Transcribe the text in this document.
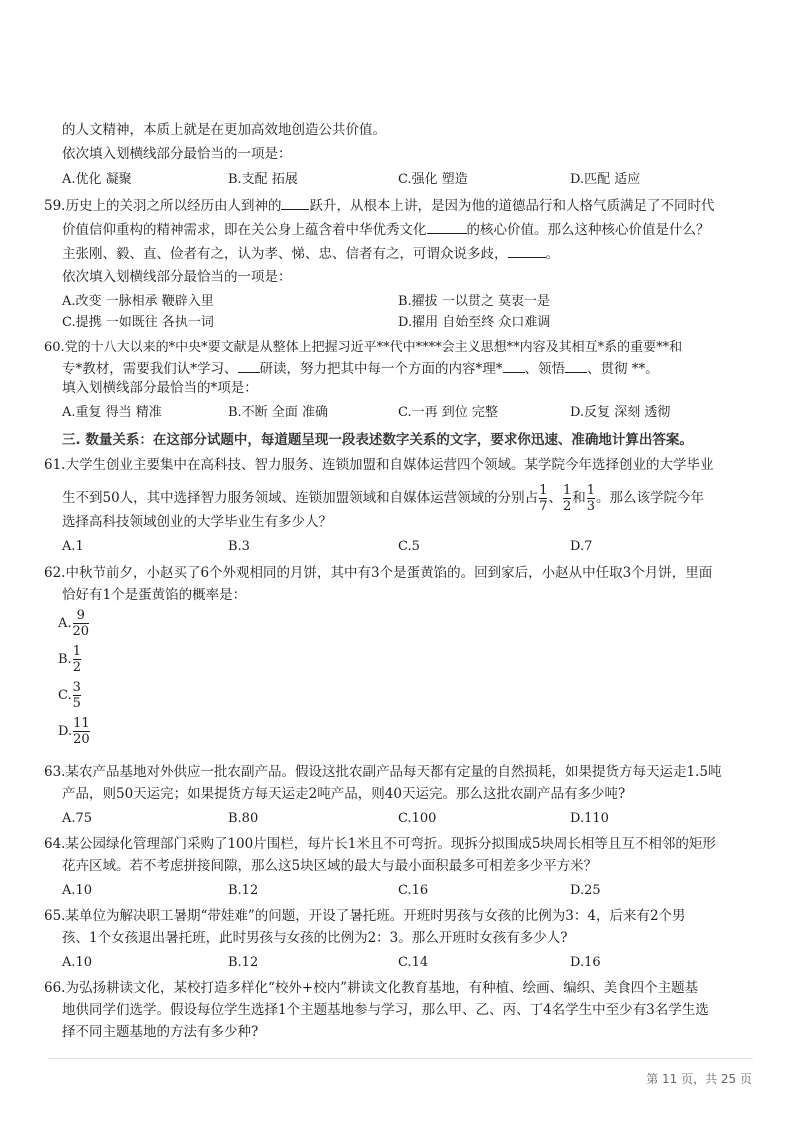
的人文精神，本质上就是在更加高效地创造公共价值。
依次填入划横线部分最恰当的一项是：
A.优化 凝聚	B.支配 拓展	C.强化 塑造	D.匹配 适应
59.历史上的关羽之所以经历由人到神的 跃升，从根本上讲，是因为他的道德品行和人格气质满足了不同时代
价值信仰重构的精神需求，即在关公身上蕴含着中华优秀文化	的核心价值。那么这种核心价值是什么？
主张刚、毅、直、俭者有之，认为孝、悌、忠、信者有之，可谓众说多歧，	。
依次填入划横线部分最恰当的一项是：
A.改变 一脉相承 鞭辟入里	B.擢拔 一以贯之 莫衷一是
C.提携 一如既往 各执一词	D.擢用 自始至终 众口难调
60.党的十八大以来的*中央*要文献是从整体上把握习近平**代中****会主义思想**内容及其相互*系的重要**和
专*教材，需要我们认*学习、 研读，努力把其中每一个方面的内容*理* 、领悟 、贯彻 **。
填入划横线部分最恰当的*项是：
A.重复 得当 精准	B.不断 全面 准确	C.一再 到位 完整	D.反复 深刻 透彻
三. 数量关系：在这部分试题中，每道题呈现一段表述数字关系的文字，要求你迅速、准确地计算出答案。
61.大学生创业主要集中在高科技、智力服务、连锁加盟和自媒体运营四个领域。某学院今年选择创业的大学毕业
生不到50人，其中选择智力服务领域、连锁加盟领域和自媒体运营领域的分别占 $\frac{1}{7}$ 、 $\frac{1}{2}$ 和 $\frac{1}{3}$ 。那么该学院今年
选择高科技领域创业的大学毕业生有多少人？
A.1	B.3	C.5	D.7
62.中秋节前夕，小赵买了6个外观相同的月饼，其中有3个是蛋黄馅的。回到家后，小赵从中任取3个月饼，里面
恰好有1个是蛋黄馅的概率是：
A. $\frac{9}{20}$
B. $\frac{1}{2}$
C. $\frac{3}{5}$
D. $\frac{11}{20}$
63.某农产品基地对外供应一批农副产品。假设这批农副产品每天都有定量的自然损耗，如果提货方每天运走1.5吨
产品，则50天运完；如果提货方每天运走2吨产品，则40天运完。那么这批农副产品有多少吨?
A.75	B.80	C.100	D.110
64.某公园绿化管理部门采购了100片围栏，每片长1米且不可弯折。现拆分拟围成5块周长相等且互不相邻的矩形
花卉区域。若不考虑拼接间隙，那么这5块区域的最大与最小面积最多可相差多少平方米？
A.10	B.12	C.16	D.25
65.某单位为解决职工暑期“带娃难”的问题，开设了暑托班。开班时男孩与女孩的比例为3：4，后来有2个男
孩、1个女孩退出暑托班，此时男孩与女孩的比例为2：3。那么开班时女孩有多少人?
A.10	B.12	C.14	D.16
66.为弘扬耕读文化，某校打造多样化“校外+校内”耕读文化教育基地，有种植、绘画、编织、美食四个主题基
地供同学们选学。假设每位学生选择1个主题基地参与学习，那么甲、乙、丙、丁4名学生中至少有3名学生选
择不同主题基地的方法有多少种?
第 11 页，共 25 页
